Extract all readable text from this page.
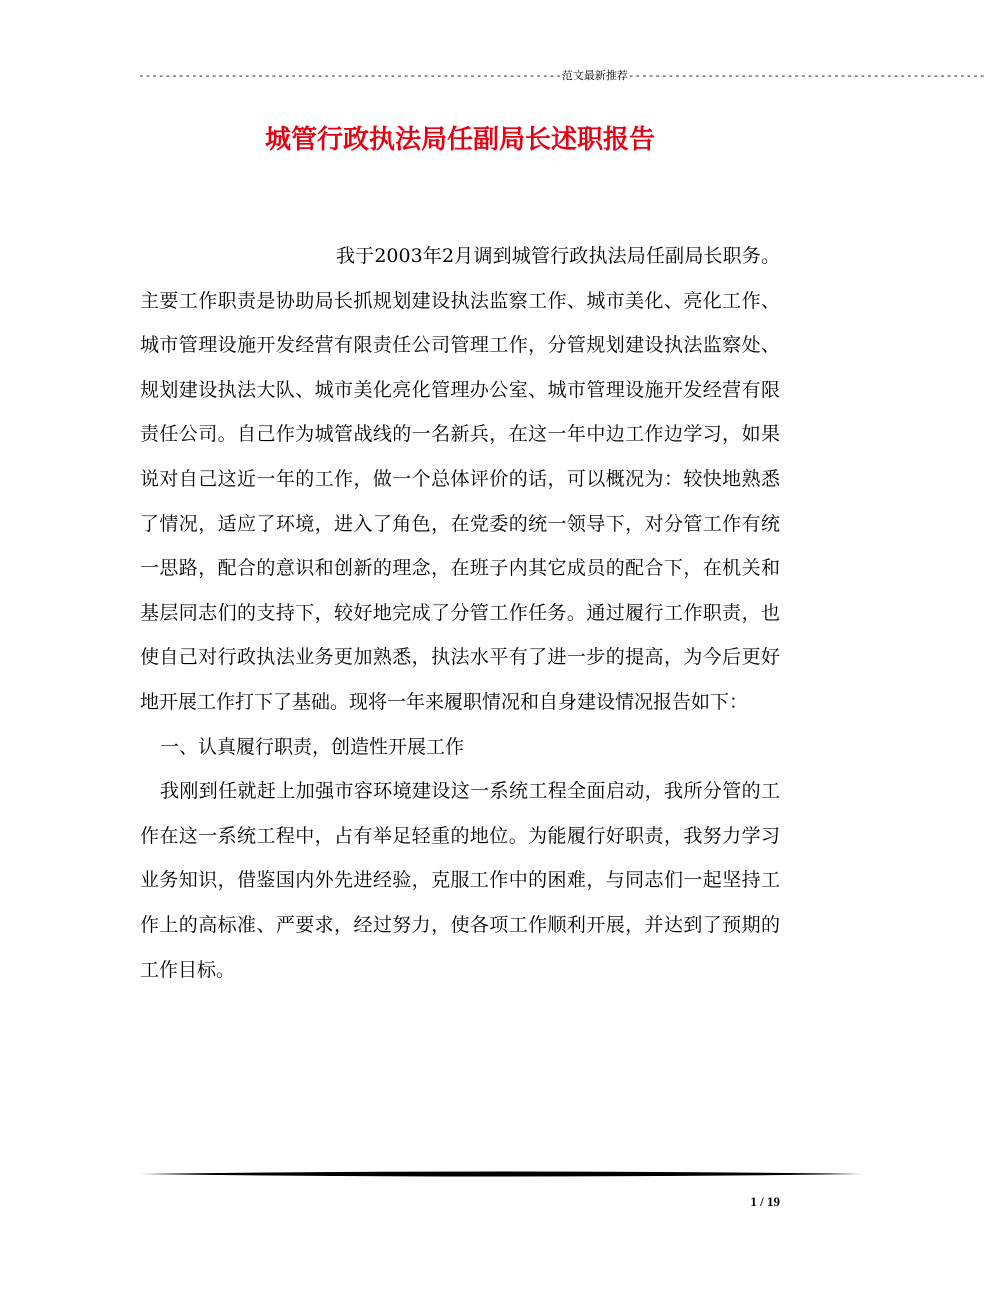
----------------------------------------------------------------范文最新推荐------------------------------------------------------
城管行政执法局任副局长述职报告

我于2003年2月调到城管行政执法局任副局长职务。主要工作职责是协助局长抓规划建设执法监察工作、城市美化、亮化工作、城市管理设施开发经营有限责任公司管理工作，分管规划建设执法监察处、规划建设执法大队、城市美化亮化管理办公室、城市管理设施开发经营有限责任公司。自己作为城管战线的一名新兵，在这一年中边工作边学习，如果说对自己这近一年的工作，做一个总体评价的话，可以概况为：较快地熟悉了情况，适应了环境，进入了角色，在党委的统一领导下，对分管工作有统一思路，配合的意识和创新的理念，在班子内其它成员的配合下，在机关和基层同志们的支持下，较好地完成了分管工作任务。通过履行工作职责，也 使自己对行政执法业务更加熟悉，执法水平有了进一步的提高，为今后更好地开展工作打下了基础。现将一年来履职情况和自身建设情况报告如下：

一、认真履行职责，创造性开展工作

我刚到任就赶上加强市容环境建设这一系统工程全面启动，我所分管的工作在这一系统工程中，占有举足轻重的地位。为能履行好职责，我努力学习业务知识，借鉴国内外先进经验，克服工作中的困难，与同志们一起坚持工作上的高标准、严要求，经过努力，使各项工作顺利开展，并达到了预期的工作目标。

1 / 19
